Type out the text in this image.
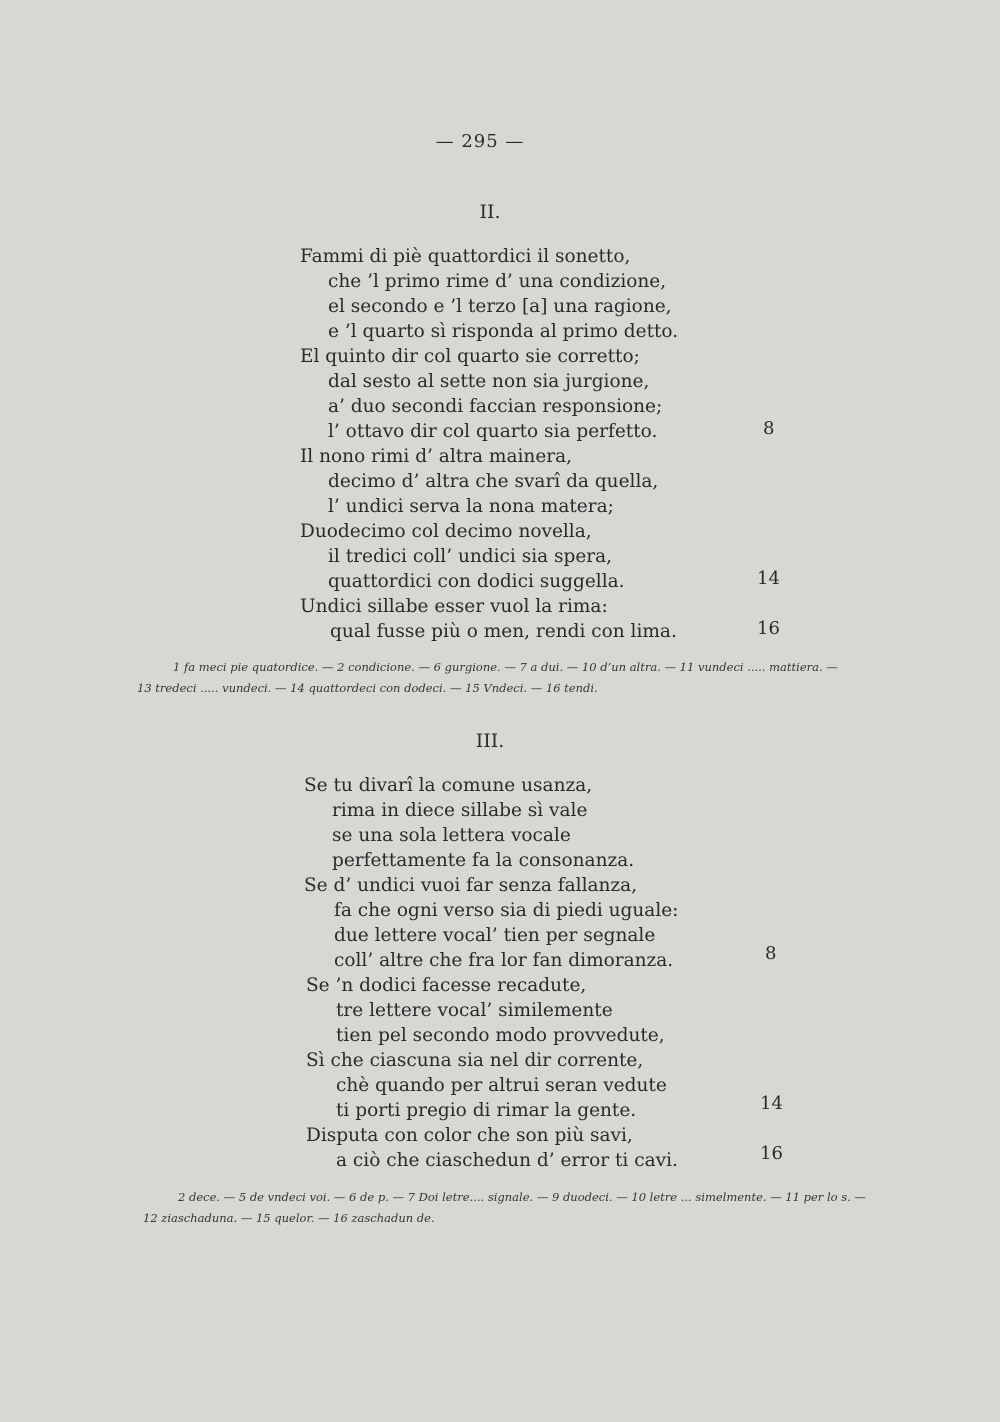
— 295 —
II.
Fammi di piè quattordici il sonetto,
che ’l primo rime d’ una condizione,
el secondo e ’l terzo [a] una ragione,
e ’l quarto sì risponda al primo detto.
El quinto dir col quarto sie corretto;
dal sesto al sette non sia jurgione,
a’ duo secondi faccian responsione;
l’ ottavo dir col quarto sia perfetto.
Il nono rimi d’ altra mainera,
decimo d’ altra che svarî da quella,
l’ undici serva la nona matera;
Duodecimo col decimo novella,
il tredici coll’ undici sia spera,
quattordici con dodici suggella.
Undici sillabe esser vuol la rima:
qual fusse più o men, rendi con lima.
8
14
16
1 fa meci pie quatordice. — 2 condicione. — 6 gurgione. — 7 a dui. — 10 d’un altra. — 11 vundeci ..... mattiera. —
13 tredeci ..... vundeci. — 14 quattordeci con dodeci. — 15 Vndeci. — 16 tendi.
III.
Se tu divarî la comune usanza,
rima in diece sillabe sì vale
se una sola lettera vocale
perfettamente fa la consonanza.
Se d’ undici vuoi far senza fallanza,
fa che ogni verso sia di piedi uguale:
due lettere vocal’ tien per segnale
coll’ altre che fra lor fan dimoranza.
Se ’n dodici facesse recadute,
tre lettere vocal’ similemente
tien pel secondo modo provvedute,
Sì che ciascuna sia nel dir corrente,
chè quando per altrui seran vedute
ti porti pregio di rimar la gente.
Disputa con color che son più savi,
a ciò che ciaschedun d’ error ti cavi.
8
14
16
2 dece. — 5 de vndeci voi. — 6 de p. — 7 Doi letre.... signale. — 9 duodeci. — 10 letre ... simelmente. — 11 per lo s. —
12 ziaschaduna. — 15 quelor. — 16 zaschadun de.
